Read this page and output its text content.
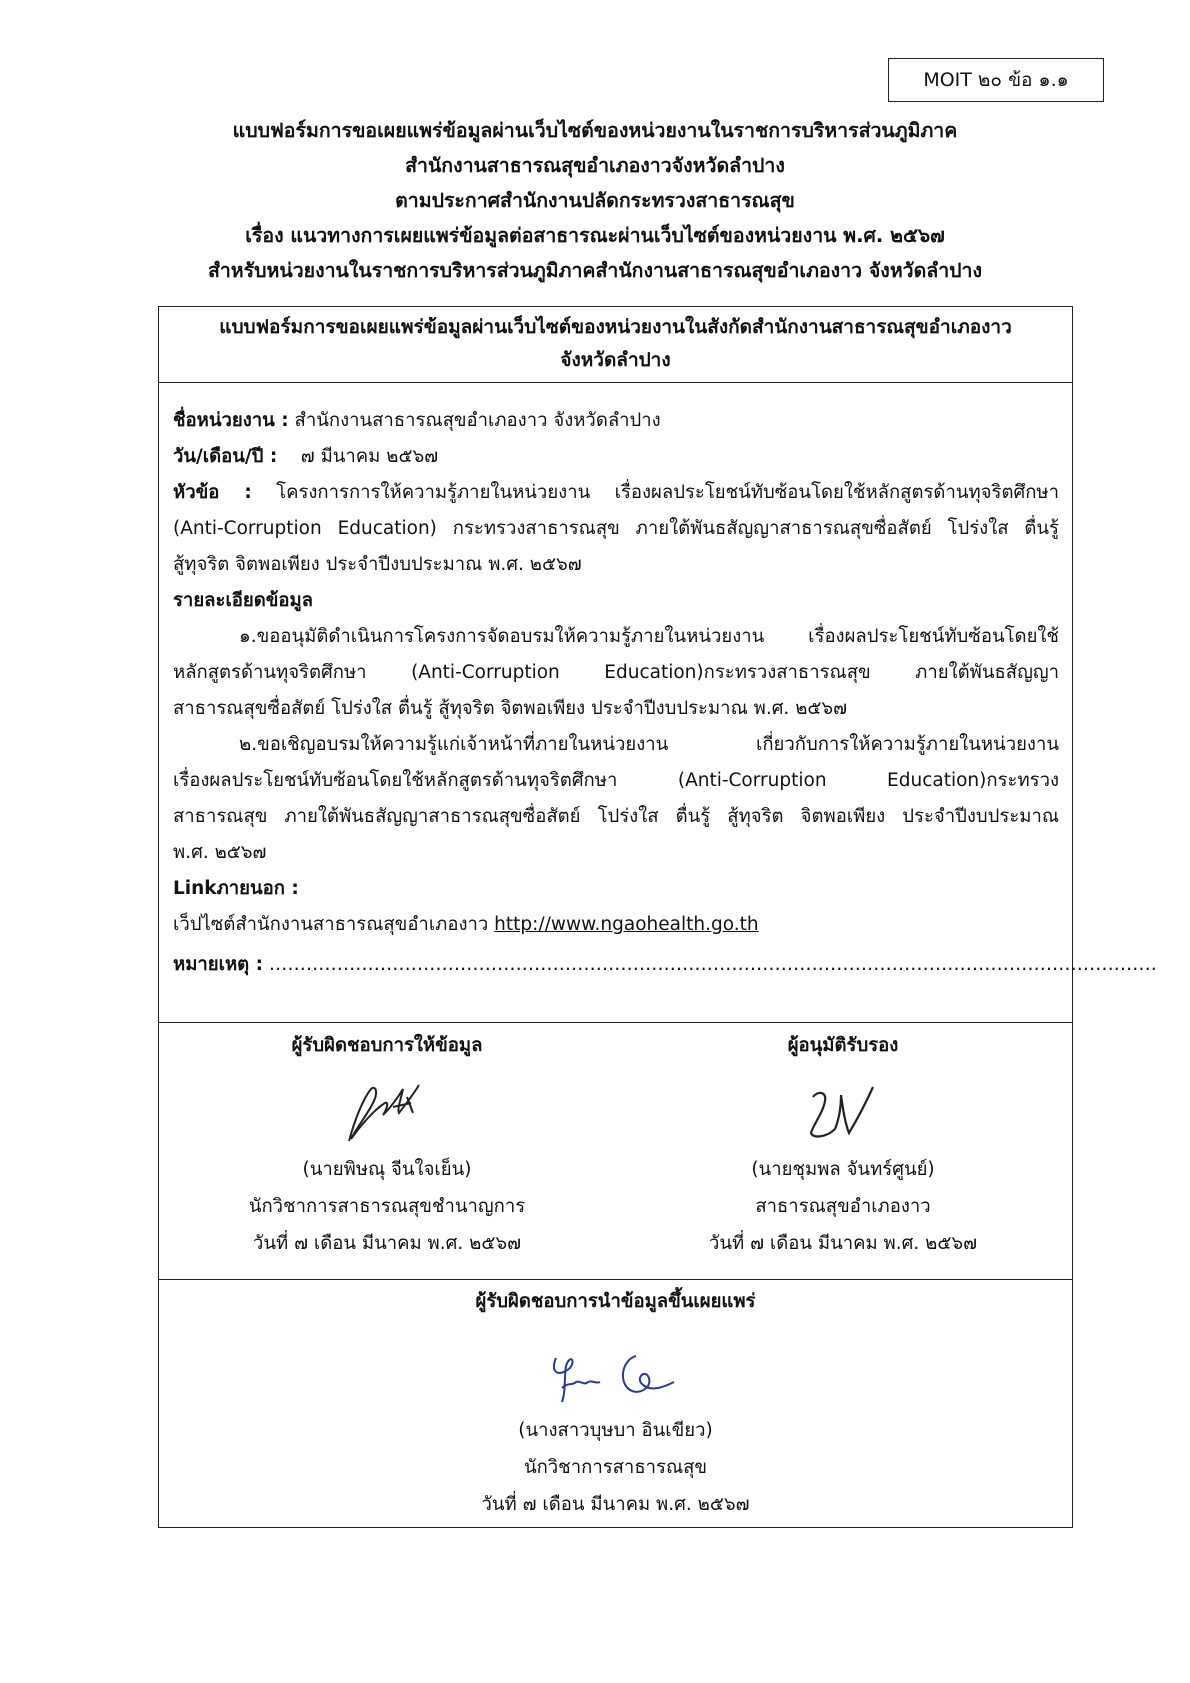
MOIT ๒๐ ข้อ ๑.๑
แบบฟอร์มการขอเผยแพร่ข้อมูลผ่านเว็บไซต์ของหน่วยงานในราชการบริหารส่วนภูมิภาค
สำนักงานสาธารณสุขอำเภองาวจังหวัดลำปาง
ตามประกาศสำนักงานปลัดกระทรวงสาธารณสุข
เรื่อง แนวทางการเผยแพร่ข้อมูลต่อสาธารณะผ่านเว็บไซต์ของหน่วยงาน พ.ศ. ๒๕๖๗
สำหรับหน่วยงานในราชการบริหารส่วนภูมิภาคสำนักงานสาธารณสุขอำเภองาว จังหวัดลำปาง
แบบฟอร์มการขอเผยแพร่ข้อมูลผ่านเว็บไซต์ของหน่วยงานในสังกัดสำนักงานสาธารณสุขอำเภองาว
จังหวัดลำปาง
ชื่อหน่วยงาน : สำนักงานสาธารณสุขอำเภองาว จังหวัดลำปาง
วัน/เดือน/ปี : ๗ มีนาคม ๒๕๖๗
หัวข้อ : โครงการการให้ความรู้ภายในหน่วยงาน เรื่องผลประโยชน์ทับซ้อนโดยใช้หลักสูตรด้านทุจริตศึกษา
(Anti-Corruption Education) กระทรวงสาธารณสุข ภายใต้พันธสัญญาสาธารณสุขซื่อสัตย์ โปร่งใส ตื่นรู้
สู้ทุจริต จิตพอเพียง ประจำปีงบประมาณ พ.ศ. ๒๕๖๗
รายละเอียดข้อมูล
๑.ขออนุมัติดำเนินการโครงการจัดอบรมให้ความรู้ภายในหน่วยงาน เรื่องผลประโยชน์ทับซ้อนโดยใช้
หลักสูตรด้านทุจริตศึกษา (Anti-Corruption Education)กระทรวงสาธารณสุข ภายใต้พันธสัญญา
สาธารณสุขซื่อสัตย์ โปร่งใส ตื่นรู้ สู้ทุจริต จิตพอเพียง ประจำปีงบประมาณ พ.ศ. ๒๕๖๗
๒.ขอเชิญอบรมให้ความรู้แก่เจ้าหน้าที่ภายในหน่วยงาน เกี่ยวกับการให้ความรู้ภายในหน่วยงาน
เรื่องผลประโยชน์ทับซ้อนโดยใช้หลักสูตรด้านทุจริตศึกษา (Anti-Corruption Education)กระทรวง
สาธารณสุข ภายใต้พันธสัญญาสาธารณสุขซื่อสัตย์ โปร่งใส ตื่นรู้ สู้ทุจริต จิตพอเพียง ประจำปีงบประมาณ
พ.ศ. ๒๕๖๗
Linkภายนอก :
เว็ปไซต์สำนักงานสาธารณสุขอำเภองาว http://www.ngaohealth.go.th
หมายเหตุ : ………………………………………………………………………………………………………………………………
ผู้รับผิดชอบการให้ข้อมูล
(นายพิษณุ จีนใจเย็น)
นักวิชาการสาธารณสุขชำนาญการ
วันที่ ๗ เดือน มีนาคม พ.ศ. ๒๕๖๗
ผู้อนุมัติรับรอง
(นายชุมพล จันทร์ศูนย์)
สาธารณสุขอำเภองาว
วันที่ ๗ เดือน มีนาคม พ.ศ. ๒๕๖๗
ผู้รับผิดชอบการนำข้อมูลขึ้นเผยแพร่
(นางสาวบุษบา อินเขียว)
นักวิชาการสาธารณสุข
วันที่ ๗ เดือน มีนาคม พ.ศ. ๒๕๖๗
